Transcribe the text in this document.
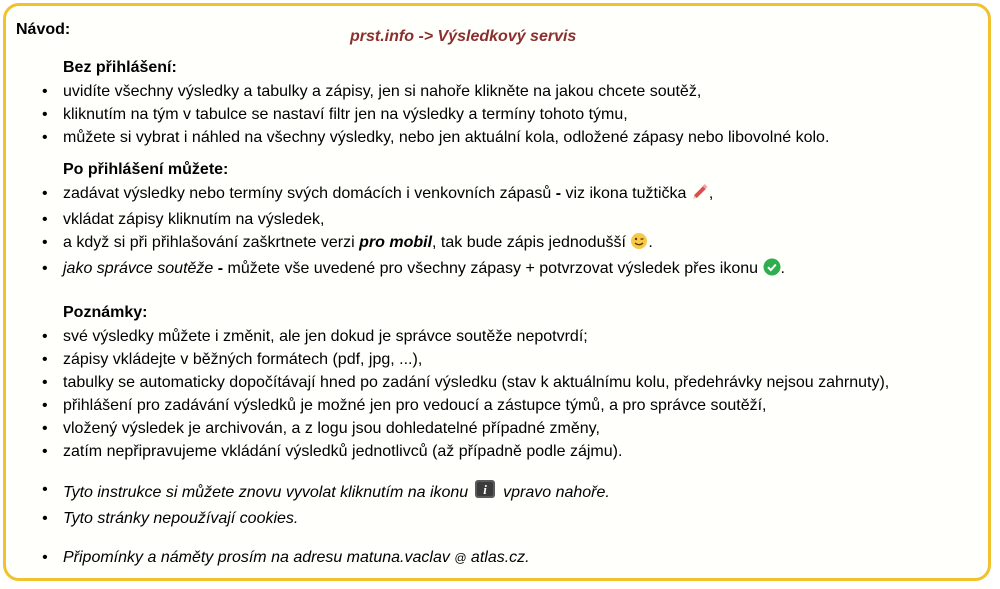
Návod:	prst.info -> Výsledkový servis
Bez přihlášení:
• uvidíte všechny výsledky a tabulky a zápisy, jen si nahoře klikněte na jakou chcete soutěž,
• kliknutím na tým v tabulce se nastaví filtr jen na výsledky a termíny tohoto týmu,
• můžete si vybrat i náhled na všechny výsledky, nebo jen aktuální kola, odložené zápasy nebo libovolné kolo.
Po přihlášení můžete:
• zadávat výsledky nebo termíny svých domácích i venkovních zápasů - viz ikona tužtička ,
• vkládat zápisy kliknutím na výsledek,
• a když si při přihlašování zaškrtnete verzi pro mobil, tak bude zápis jednodušší .
• jako správce soutěže - můžete vše uvedené pro všechny zápasy + potvrzovat výsledek přes ikonu .
Poznámky:
• své výsledky můžete i změnit, ale jen dokud je správce soutěže nepotvrdí;
• zápisy vkládejte v běžných formátech (pdf, jpg, ...),
• tabulky se automaticky dopočítávají hned po zadání výsledku (stav k aktuálnímu kolu, předehrávky nejsou zahrnuty),
• přihlášení pro zadávání výsledků je možné jen pro vedoucí a zástupce týmů, a pro správce soutěží,
• vložený výsledek je archivován, a z logu jsou dohledatelné případné změny,
• zatím nepřipravujeme vkládání výsledků jednotlivců (až případně podle zájmu).
• Tyto instrukce si můžete znovu vyvolat kliknutím na ikonu i vpravo nahoře.
• Tyto stránky nepoužívají cookies.
• Připomínky a náměty prosím na adresu matuna.vaclav @ atlas.cz.
